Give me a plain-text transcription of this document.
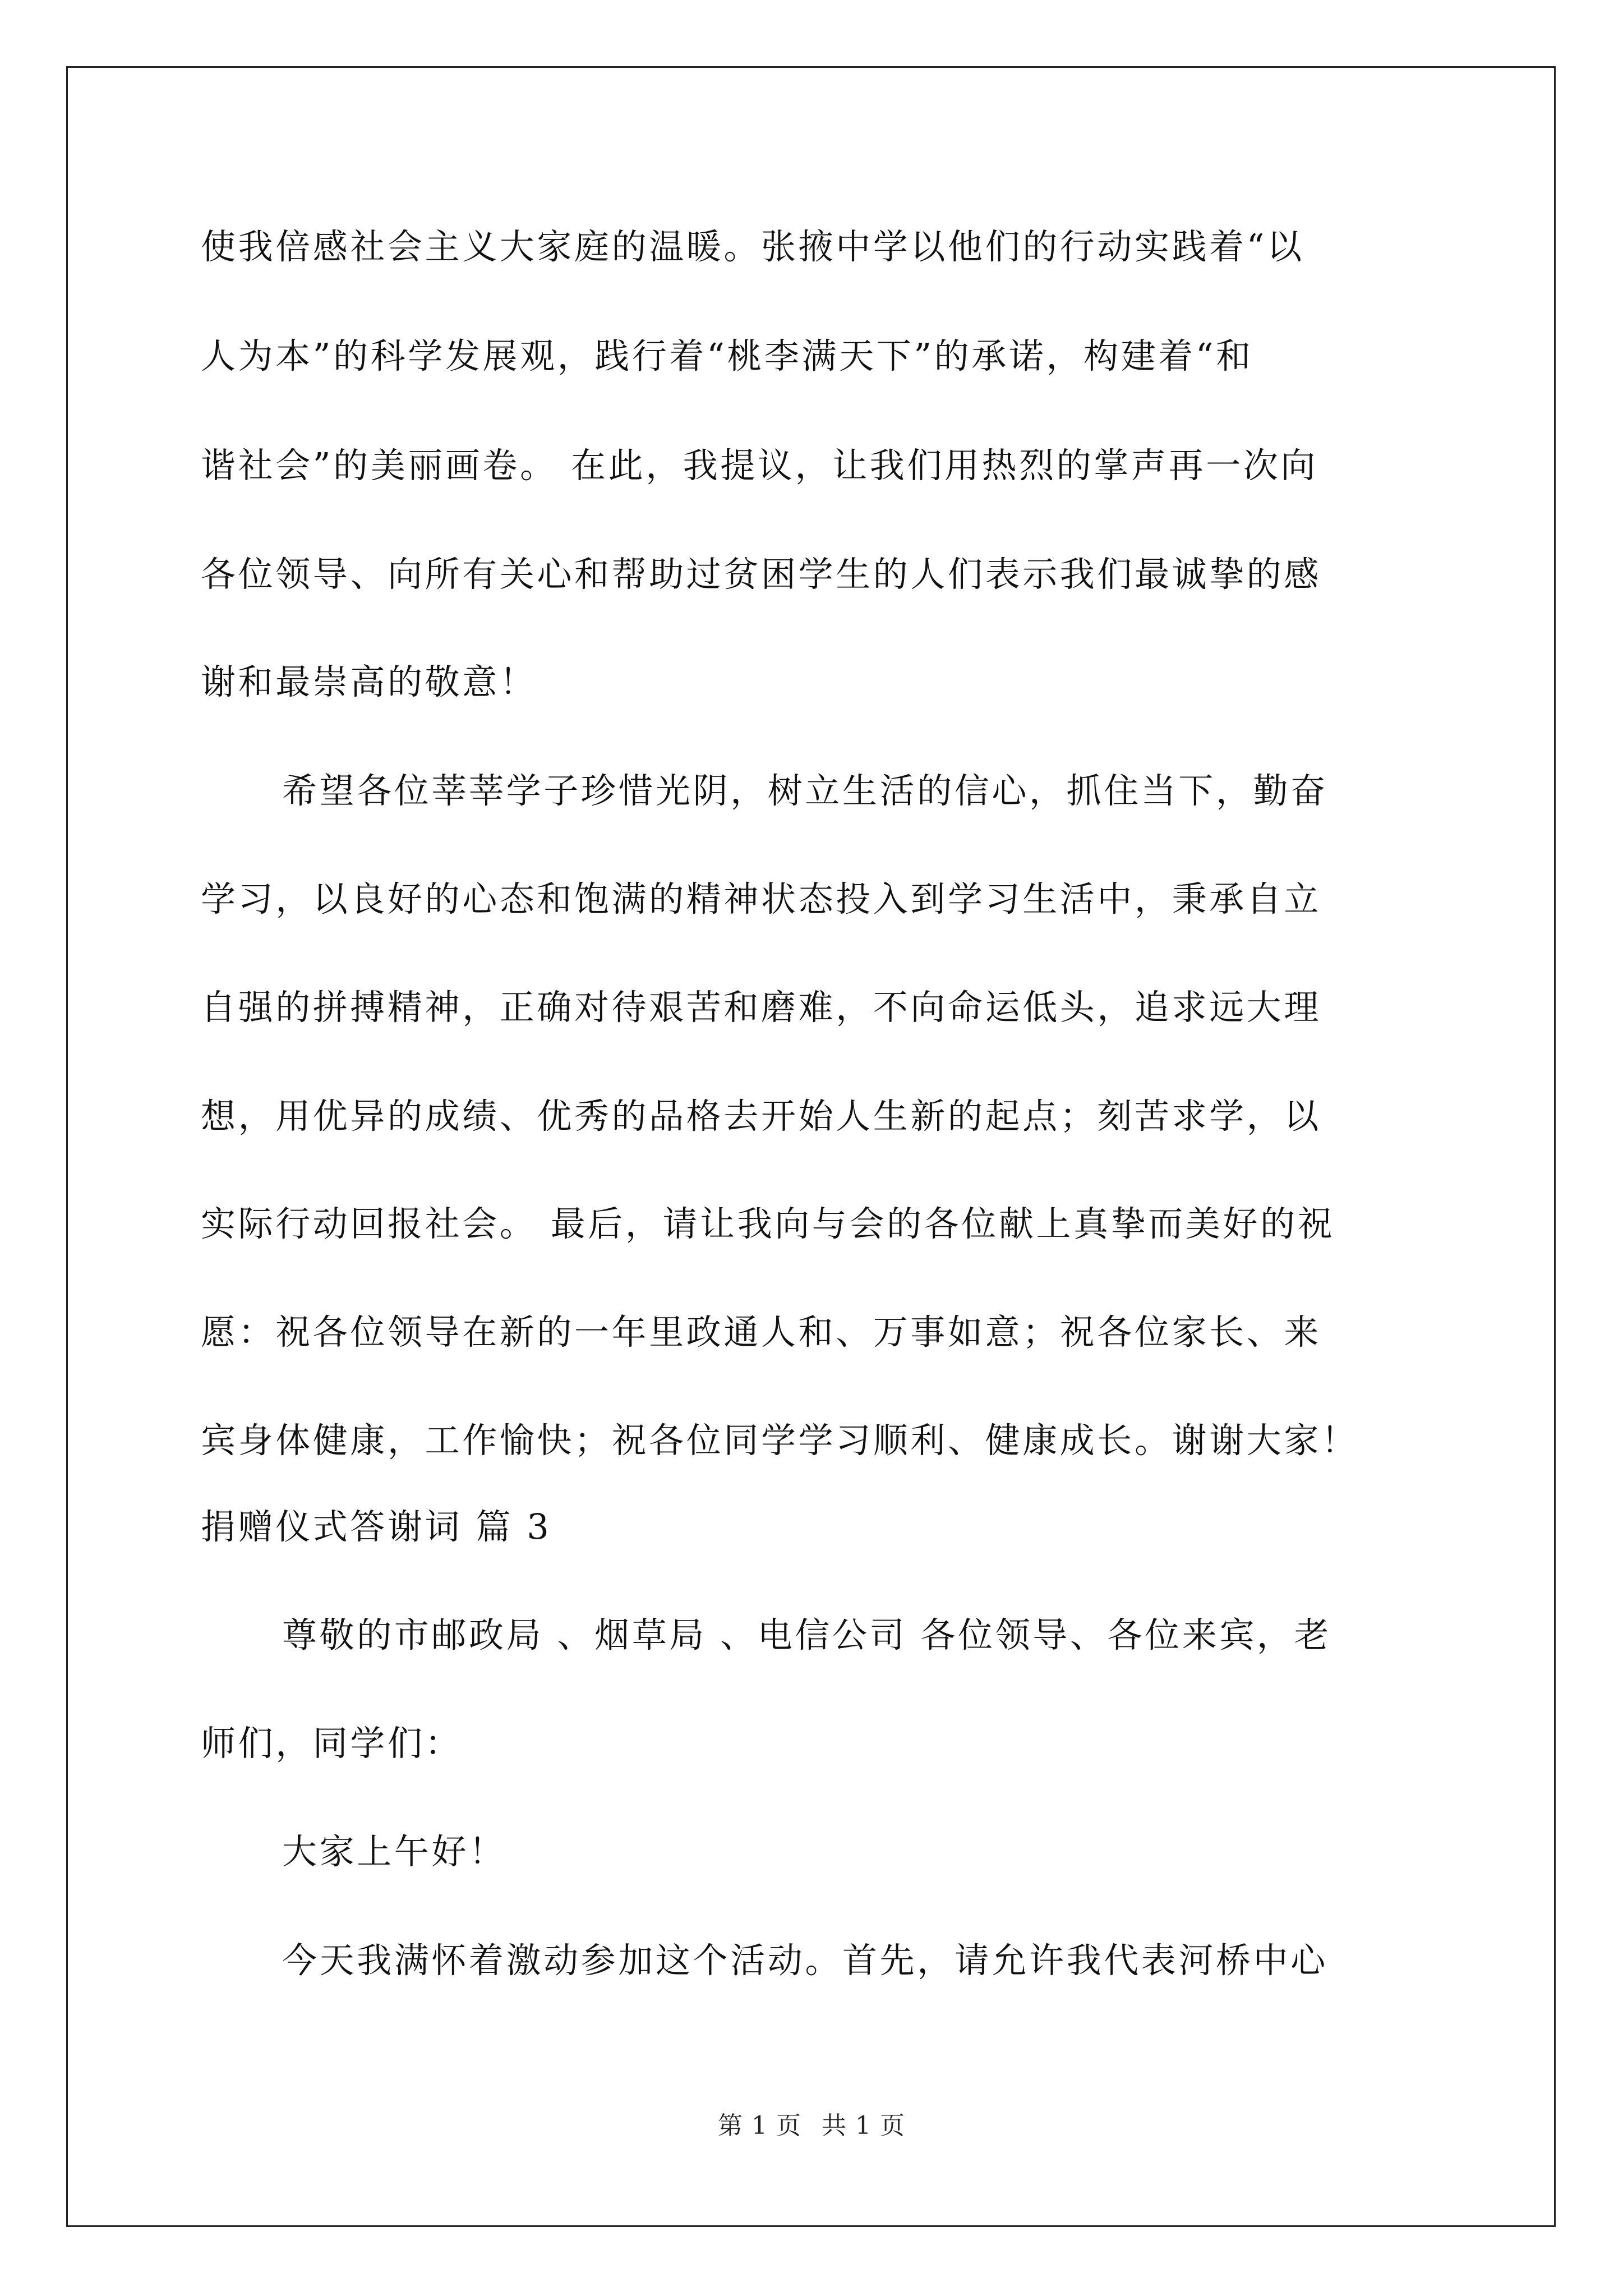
使我倍感社会主义大家庭的温暖。张掖中学以他们的行动实践着“以
人为本”的科学发展观，践行着“桃李满天下”的承诺，构建着“和
谐社会”的美丽画卷。 在此，我提议，让我们用热烈的掌声再一次向
各位领导、向所有关心和帮助过贫困学生的人们表示我们最诚挚的感
谢和最崇高的敬意！
希望各位莘莘学子珍惜光阴，树立生活的信心，抓住当下，勤奋
学习，以良好的心态和饱满的精神状态投入到学习生活中，秉承自立
自强的拼搏精神，正确对待艰苦和磨难，不向命运低头，追求远大理
想，用优异的成绩、优秀的品格去开始人生新的起点；刻苦求学，以
实际行动回报社会。 最后，请让我向与会的各位献上真挚而美好的祝
愿：祝各位领导在新的一年里政通人和、万事如意；祝各位家长、来
宾身体健康，工作愉快；祝各位同学学习顺利、健康成长。谢谢大家！
捐赠仪式答谢词 篇 3
尊敬的市邮政局 、烟草局 、电信公司 各位领导、各位来宾，老
师们，同学们：
大家上午好！
今天我满怀着激动参加这个活动。首先，请允许我代表河桥中心
第 1 页 共 1 页
